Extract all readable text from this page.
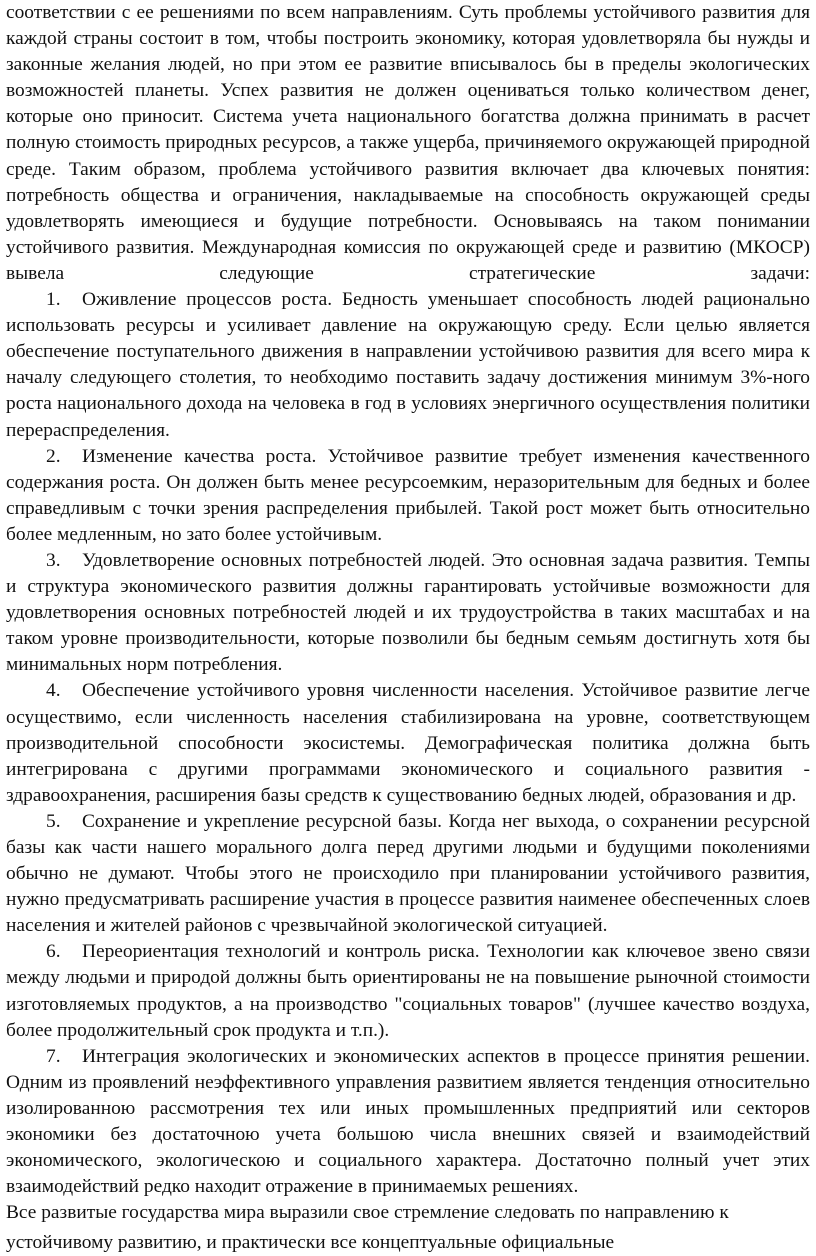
соответствии с ее решениями по всем направлениям. Суть проблемы устойчивого развития для каждой страны состоит в том, чтобы построить экономику, которая удовлетворяла бы нужды и законные желания людей, но при этом ее развитие вписывалось бы в пределы экологических возможностей планеты. Успех развития не должен оцениваться только количеством денег, которые оно приносит. Система учета национального богатства должна принимать в расчет полную стоимость природных ресурсов, а также ущерба, причиняемого окружающей природной среде. Таким образом, проблема устойчивого развития включает два ключевых понятия: потребность общества и ограничения, накладываемые на способность окружающей среды удовлетворять имеющиеся и будущие потребности. Основываясь на таком понимании устойчивого развития. Международная комиссия по окружающей среде и развитию (МКОСР) вывела следующие стратегические задачи:

1. Оживление процессов роста. Бедность уменьшает способность людей рационально использовать ресурсы и усиливает давление на окружающую среду. Если целью является обеспечение поступательного движения в направлении устойчивою развития для всего мира к началу следующего столетия, то необходимо поставить задачу достижения минимум 3%-ного роста национального дохода на человека в год в условиях энергичного осуществления политики перераспределения.

2. Изменение качества роста. Устойчивое развитие требует изменения качественного содержания роста. Он должен быть менее ресурсоемким, неразорительным для бедных и более справедливым с точки зрения распределения прибылей. Такой рост может быть относительно более медленным, но зато более устойчивым.

3. Удовлетворение основных потребностей людей. Это основная задача развития. Темпы и структура экономического развития должны гарантировать устойчивые возможности для удовлетворения основных потребностей людей и их трудоустройства в таких масштабах и на таком уровне производительности, которые позволили бы бедным семьям достигнуть хотя бы минимальных норм потребления.

4. Обеспечение устойчивого уровня численности населения. Устойчивое развитие легче осуществимо, если численность населения стабилизирована на уровне, соответствующем производительной способности экосистемы. Демографическая политика должна быть интегрирована с другими программами экономического и социального развития - здравоохранения, расширения базы средств к существованию бедных людей, образования и др.

5. Сохранение и укрепление ресурсной базы. Когда нег выхода, о сохранении ресурсной базы как части нашего морального долга перед другими людьми и будущими поколениями обычно не думают. Чтобы этого не происходило при планировании устойчивого развития, нужно предусматривать расширение участия в процессе развития наименее обеспеченных слоев населения и жителей районов с чрезвычайной экологической ситуацией.

6. Переориентация технологий и контроль риска. Технологии как ключевое звено связи между людьми и природой должны быть ориентированы не на повышение рыночной стоимости изготовляемых продуктов, а на производство "социальных товаров" (лучшее качество воздуха, более продолжительный срок продукта и т.п.).

7. Интеграция экологических и экономических аспектов в процессе принятия решении. Одним из проявлений неэффективного управления развитием является тенденция относительно изолированною рассмотрения тех или иных промышленных предприятий или секторов экономики без достаточною учета большою числа внешних связей и взаимодействий экономического, экологическою и социального характера. Достаточно полный учет этих взаимодействий редко находит отражение в принимаемых решениях.

Все развитые государства мира выразили свое стремление следовать по направлению к

устойчивому развитию, и практически все концептуальные официальные
